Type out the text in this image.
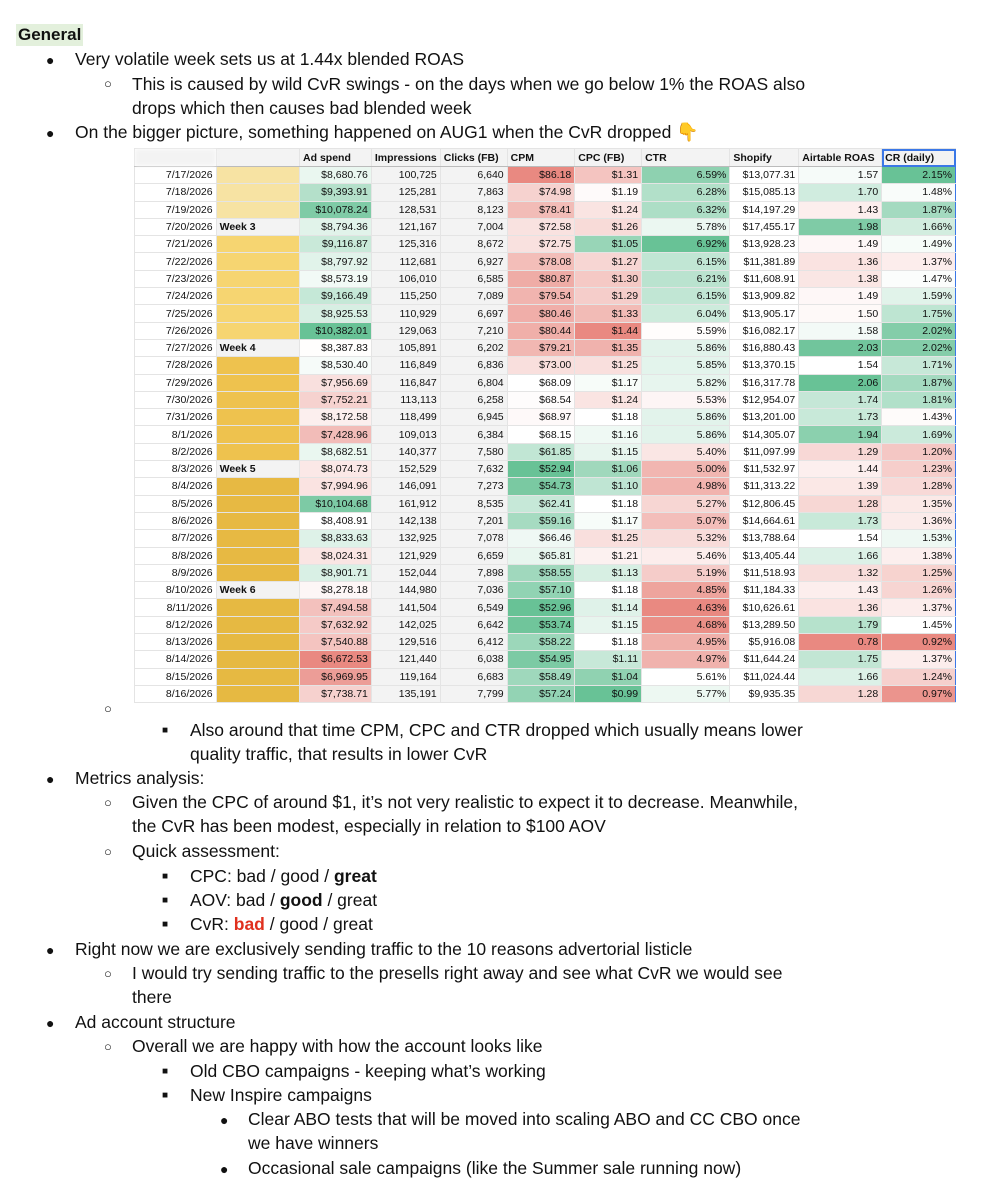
General
● Very volatile week sets us at 1.44x blended ROAS
○ This is caused by wild CvR swings - on the days when we go below 1% the ROAS also
drops which then causes bad blended week
● On the bigger picture, something happened on AUG1 when the CvR dropped 👇
		Ad spend	Impressions	Clicks (FB)	CPM	CPC (FB)	CTR	Shopify	Airtable ROAS	CR (daily)
7/17/2026		$8,680.76	100,725	6,640	$86.18	$1.31	6.59%	$13,077.31	1.57	2.15%
7/18/2026		$9,393.91	125,281	7,863	$74.98	$1.19	6.28%	$15,085.13	1.70	1.48%
7/19/2026		$10,078.24	128,531	8,123	$78.41	$1.24	6.32%	$14,197.29	1.43	1.87%
7/20/2026	Week 3	$8,794.36	121,167	7,004	$72.58	$1.26	5.78%	$17,455.17	1.98	1.66%
7/21/2026		$9,116.87	125,316	8,672	$72.75	$1.05	6.92%	$13,928.23	1.49	1.49%
7/22/2026		$8,797.92	112,681	6,927	$78.08	$1.27	6.15%	$11,381.89	1.36	1.37%
7/23/2026		$8,573.19	106,010	6,585	$80.87	$1.30	6.21%	$11,608.91	1.38	1.47%
7/24/2026		$9,166.49	115,250	7,089	$79.54	$1.29	6.15%	$13,909.82	1.49	1.59%
7/25/2026		$8,925.53	110,929	6,697	$80.46	$1.33	6.04%	$13,905.17	1.50	1.75%
7/26/2026		$10,382.01	129,063	7,210	$80.44	$1.44	5.59%	$16,082.17	1.58	2.02%
7/27/2026	Week 4	$8,387.83	105,891	6,202	$79.21	$1.35	5.86%	$16,880.43	2.03	2.02%
7/28/2026		$8,530.40	116,849	6,836	$73.00	$1.25	5.85%	$13,370.15	1.54	1.71%
7/29/2026		$7,956.69	116,847	6,804	$68.09	$1.17	5.82%	$16,317.78	2.06	1.87%
7/30/2026		$7,752.21	113,113	6,258	$68.54	$1.24	5.53%	$12,954.07	1.74	1.81%
7/31/2026		$8,172.58	118,499	6,945	$68.97	$1.18	5.86%	$13,201.00	1.73	1.43%
8/1/2026		$7,428.96	109,013	6,384	$68.15	$1.16	5.86%	$14,305.07	1.94	1.69%
8/2/2026		$8,682.51	140,377	7,580	$61.85	$1.15	5.40%	$11,097.99	1.29	1.20%
8/3/2026	Week 5	$8,074.73	152,529	7,632	$52.94	$1.06	5.00%	$11,532.97	1.44	1.23%
8/4/2026		$7,994.96	146,091	7,273	$54.73	$1.10	4.98%	$11,313.22	1.39	1.28%
8/5/2026		$10,104.68	161,912	8,535	$62.41	$1.18	5.27%	$12,806.45	1.28	1.35%
8/6/2026		$8,408.91	142,138	7,201	$59.16	$1.17	5.07%	$14,664.61	1.73	1.36%
8/7/2026		$8,833.63	132,925	7,078	$66.46	$1.25	5.32%	$13,788.64	1.54	1.53%
8/8/2026		$8,024.31	121,929	6,659	$65.81	$1.21	5.46%	$13,405.44	1.66	1.38%
8/9/2026		$8,901.71	152,044	7,898	$58.55	$1.13	5.19%	$11,518.93	1.32	1.25%
8/10/2026	Week 6	$8,278.18	144,980	7,036	$57.10	$1.18	4.85%	$11,184.33	1.43	1.26%
8/11/2026		$7,494.58	141,504	6,549	$52.96	$1.14	4.63%	$10,626.61	1.36	1.37%
8/12/2026		$7,632.92	142,025	6,642	$53.74	$1.15	4.68%	$13,289.50	1.79	1.45%
8/13/2026		$7,540.88	129,516	6,412	$58.22	$1.18	4.95%	$5,916.08	0.78	0.92%
8/14/2026		$6,672.53	121,440	6,038	$54.95	$1.11	4.97%	$11,644.24	1.75	1.37%
8/15/2026		$6,969.95	119,164	6,683	$58.49	$1.04	5.61%	$11,024.44	1.66	1.24%
8/16/2026		$7,738.71	135,191	7,799	$57.24	$0.99	5.77%	$9,935.35	1.28	0.97%
○
■ Also around that time CPM, CPC and CTR dropped which usually means lower
quality traffic, that results in lower CvR
● Metrics analysis:
○ Given the CPC of around $1, it’s not very realistic to expect it to decrease. Meanwhile,
the CvR has been modest, especially in relation to $100 AOV
○ Quick assessment:
■ CPC: bad / good / great
■ AOV: bad / good / great
■ CvR: bad / good / great
● Right now we are exclusively sending traffic to the 10 reasons advertorial listicle
○ I would try sending traffic to the presells right away and see what CvR we would see
there
● Ad account structure
○ Overall we are happy with how the account looks like
■ Old CBO campaigns - keeping what’s working
■ New Inspire campaigns
● Clear ABO tests that will be moved into scaling ABO and CC CBO once
we have winners
● Occasional sale campaigns (like the Summer sale running now)
